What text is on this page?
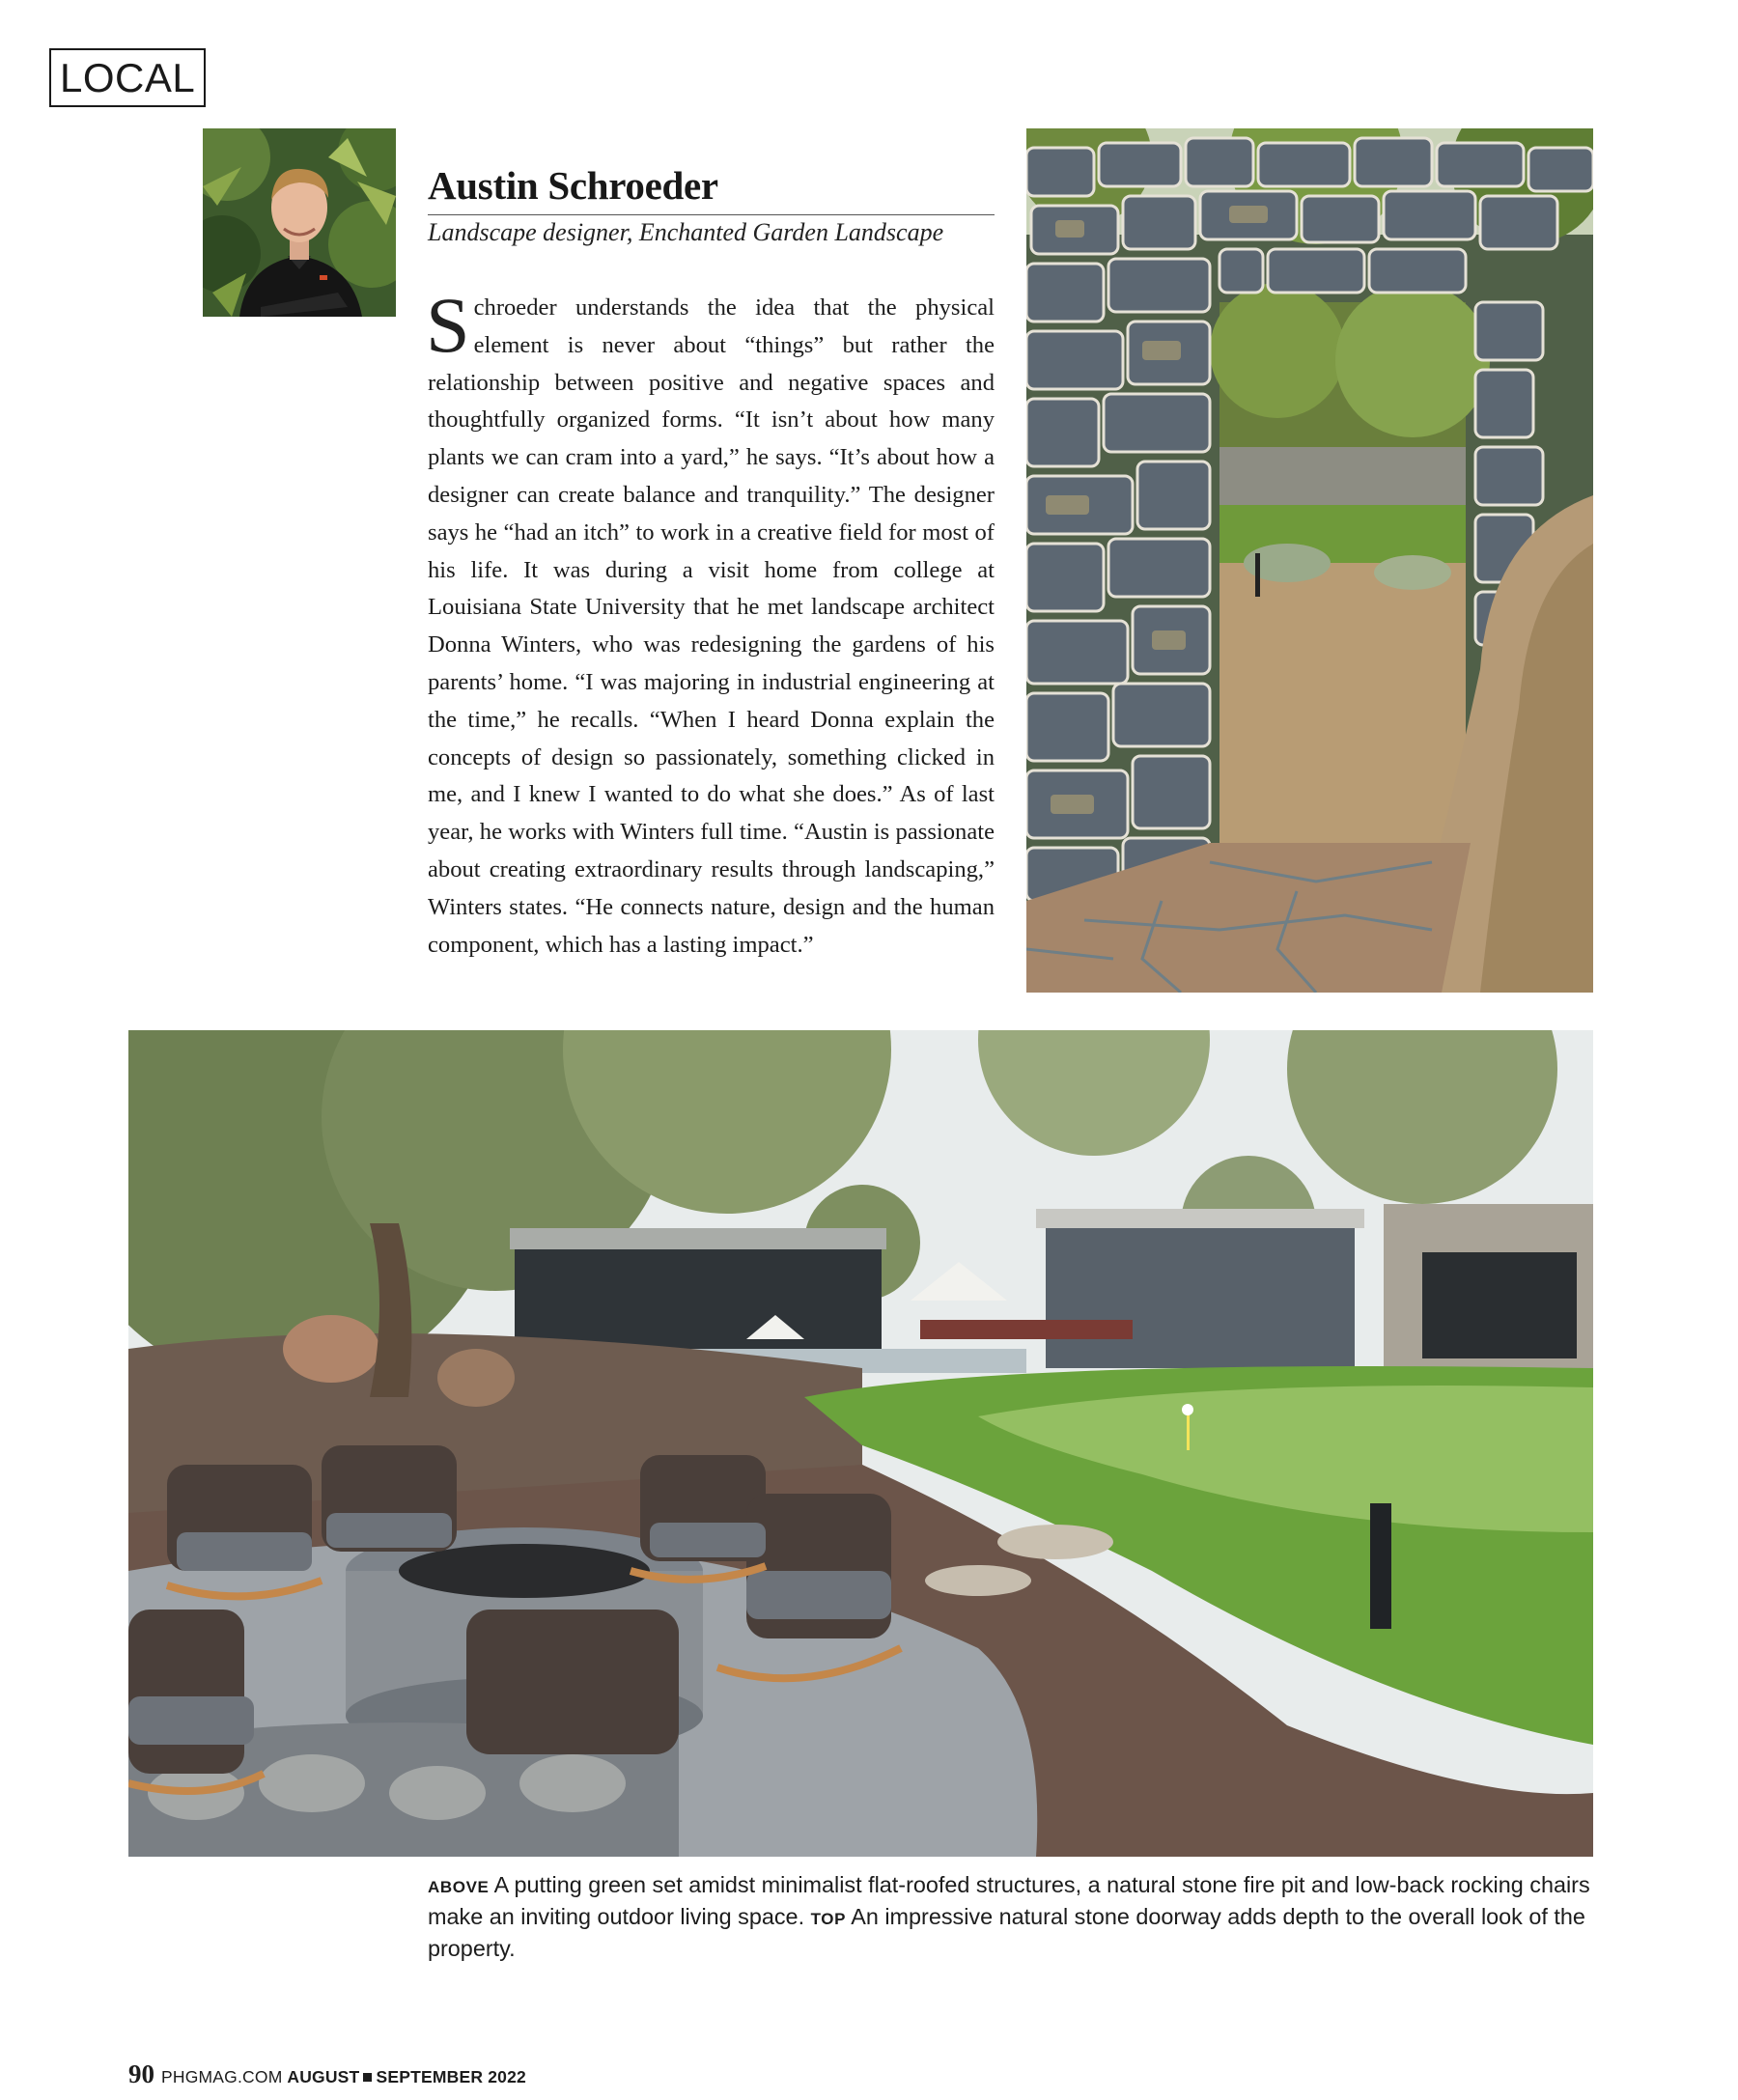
LOCAL
Austin Schroeder
Landscape designer, Enchanted Garden Landscape

Schroeder understands the idea that the physical element is never about “things” but rather the relationship between positive and negative spaces and thoughtfully organized forms. “It isn’t about how many plants we can cram into a yard,” he says. “It’s about how a designer can create balance and tranquility.” The designer says he “had an itch” to work in a creative field for most of his life. It was during a visit home from college at Louisiana State University that he met landscape architect Donna Winters, who was redesigning the gardens of his parents’ home. “I was majoring in industrial engineering at the time,” he recalls. “When I heard Donna explain the concepts of design so passionately, something clicked in me, and I knew I wanted to do what she does.” As of last year, he works with Winters full time. “Austin is passionate about creating extraordinary results through landscaping,” Winters states. “He connects nature, design and the human component, which has a lasting impact.”

ABOVE A putting green set amidst minimalist flat-roofed structures, a natural stone fire pit and low-back rocking chairs make an inviting outdoor living space. TOP An impressive natural stone doorway adds depth to the overall look of the property.

90 PHGMAG.COM AUGUST SEPTEMBER 2022
